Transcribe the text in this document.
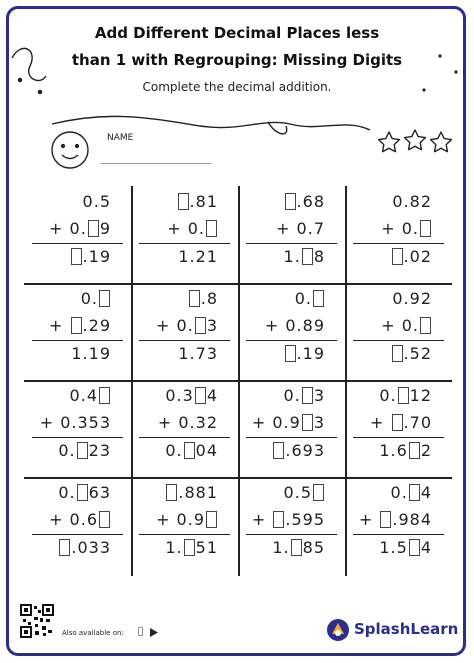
Add Different Decimal Places less
than 1 with Regrouping: Missing Digits
Complete the decimal addition.
NAME
0.5
+ 0. 9
.19
.81
+ 0.
1.21
.68
+ 0.7
1. 8
0.82
+ 0.
.02
0.
+ .29
1.19
.8
+ 0. 3
1.73
0.
+ 0.89
.19
0.92
+ 0.
.52
0.4
+ 0.353
0. 23
0.3 4
+ 0.32
0. 04
0. 3
+ 0.9 3
.693
0. 12
+ .70
1.6 2
0. 63
+ 0.6
.033
.881
+ 0.9
1. 51
0.5
+ .595
1. 85
0. 4
+ .984
1.5 4
Also available on:	SplashLearn
